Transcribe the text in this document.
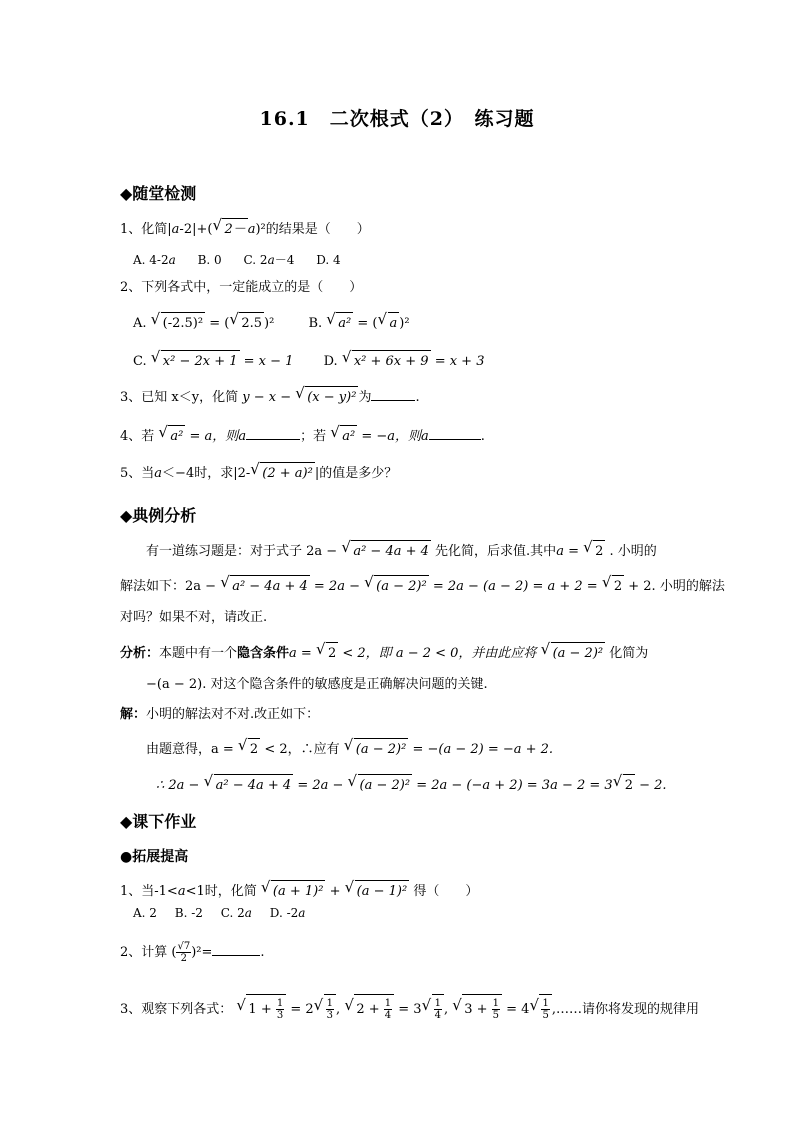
16.1　二次根式（2）　练习题
◆随堂检测
1、化简|a-2|+( √ 2－ a)²的结果是（　　）
A. 4-2a B. 0 C. 2a－4 D. 4
2、下列各式中，一定能成立的是（　　）
A. √ (-2.5)² = ( √ 2.5 )²	B. √ a² = ( √ a )²
C. √ x² − 2x + 1 = x − 1 D. √ x² + 6x + 9 = x + 3
3、已知 x＜y，化简 y − x − √ (x − y)² 为	.
4、若 √ a² = a，则a	；若 √ a² = −a，则a	.
5、当a＜−4时，求|2- √ (2 + a)² |的值是多少？
◆典例分析
有一道练习题是：对于式子 2a − √ a² − 4a + 4 先化简，后求值.其中a = √ 2 . 小明的
解法如下：2a − √ a² − 4a + 4 = 2a − √ (a − 2)² = 2a − (a − 2) = a + 2 = √ 2 + 2. 小明的解法
对吗？如果不对，请改正.
分析：本题中有一个隐含条件a = √ 2 < 2，即 a − 2 < 0，并由此应将 √ (a − 2)² 化简为
−(a − 2). 对这个隐含条件的敏感度是正确解决问题的关键.
解：小明的解法对不对.改正如下：
由题意得，a = √ 2 < 2，∴应有 √ (a − 2)² = −(a − 2) = −a + 2.
∴ 2a − √ a² − 4a + 4 = 2a − √ (a − 2)² = 2a − (−a + 2) = 3a − 2 = 3 √ 2 − 2.
◆课下作业
●拓展提高
1、当-1<a<1时，化简 √ (a + 1)² + √ (a − 1)² 得（　　）
A. 2 B. -2 C. 2a D. -2a
2、计算 ( $\frac{√7}{2} )^2=$	.
3、观察下列各式： √ $1 + \frac{1}{3} = 2$ √ $\frac{1}{3}$ , √ $2 + \frac{1}{4} = 3$ √ $\frac{1}{4}$ , √ $3 + \frac{1}{5} = 4$ √ $\frac{1}{5}$ ,……请你将发现的规律用
